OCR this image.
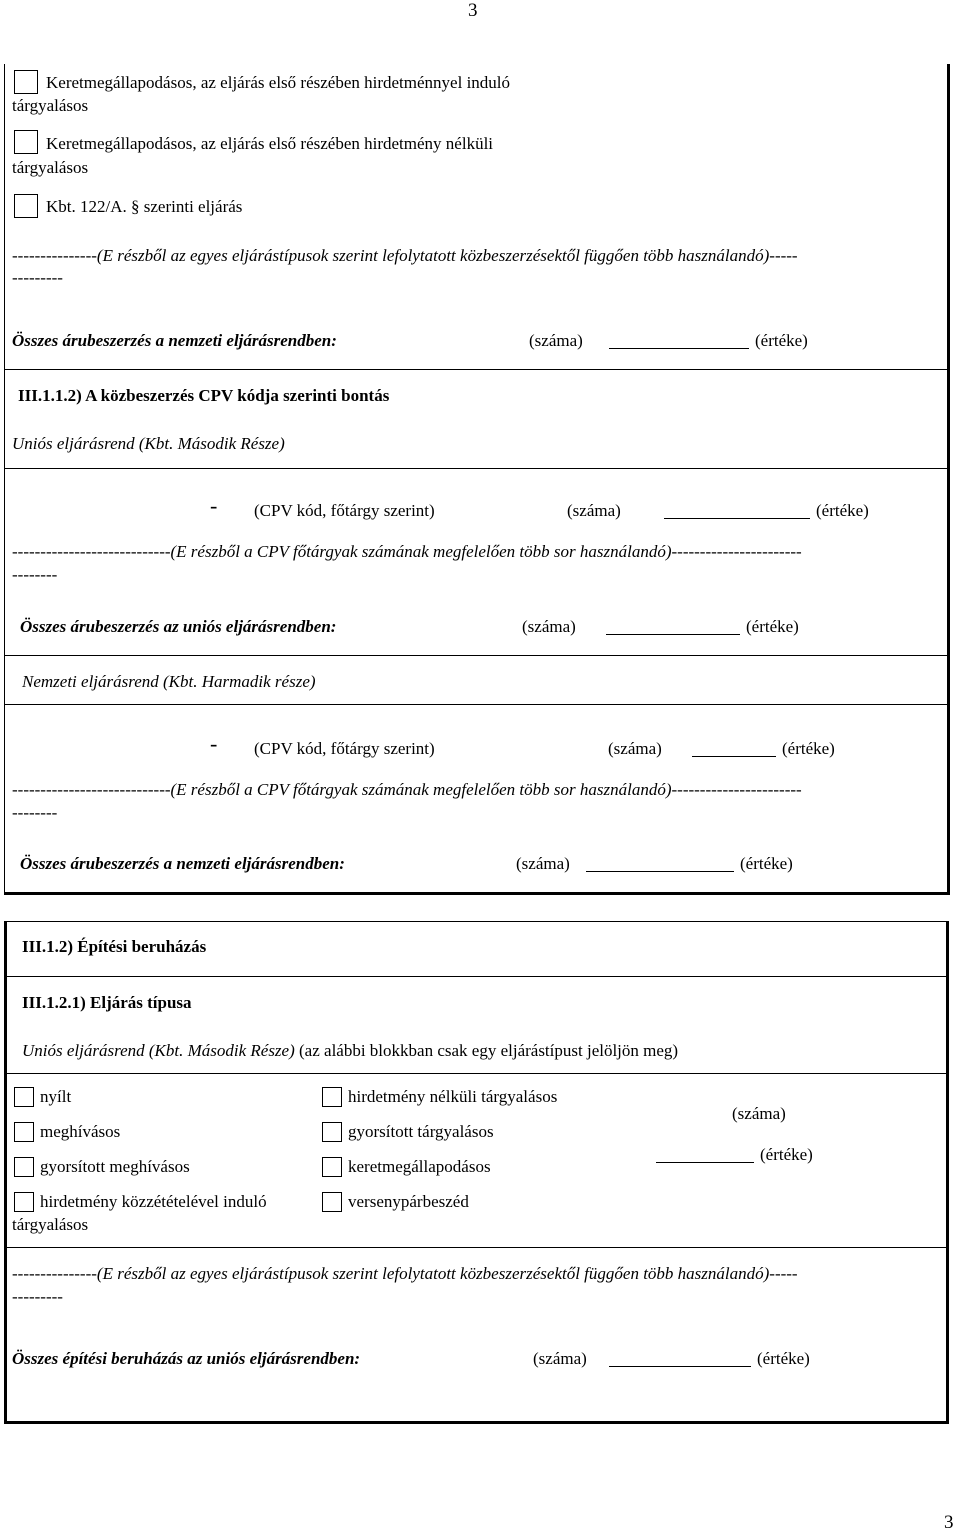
3
Keretmegállapodásos, az eljárás első részében hirdetménnyel induló
tárgyalásos
Keretmegállapodásos, az eljárás első részében hirdetmény nélküli
tárgyalásos
Kbt. 122/A. § szerinti eljárás
---------------(E részből az egyes eljárástípusok szerint lefolytatott közbeszerzésektől függően több használandó)-----
---------
Összes árubeszerzés a nemzeti eljárásrendben:	(száma)	(értéke)
III.1.1.2) A közbeszerzés CPV kódja szerinti bontás
Uniós eljárásrend (Kbt. Második Része)
- (CPV kód, főtárgy szerint)	(száma)	(értéke)
----------------------------(E részből a CPV főtárgyak számának megfelelően több sor használandó)-----------------------
--------
Összes árubeszerzés az uniós eljárásrendben:	(száma)	(értéke)
Nemzeti eljárásrend (Kbt. Harmadik része)
- (CPV kód, főtárgy szerint)	(száma)	(értéke)
----------------------------(E részből a CPV főtárgyak számának megfelelően több sor használandó)-----------------------
--------
Összes árubeszerzés a nemzeti eljárásrendben:	(száma)	(értéke)
III.1.2) Építési beruházás
III.1.2.1) Eljárás típusa
Uniós eljárásrend (Kbt. Második Része) (az alábbi blokkban csak egy eljárástípust jelöljön meg)
nyílt
meghívásos
gyorsított meghívásos
hirdetmény közzétételével induló
tárgyalásos
hirdetmény nélküli tárgyalásos
gyorsított tárgyalásos
keretmegállapodásos
versenypárbeszéd
(száma)
(értéke)
---------------(E részből az egyes eljárástípusok szerint lefolytatott közbeszerzésektől függően több használandó)-----
---------
Összes építési beruházás az uniós eljárásrendben:	(száma)	(értéke)
3
